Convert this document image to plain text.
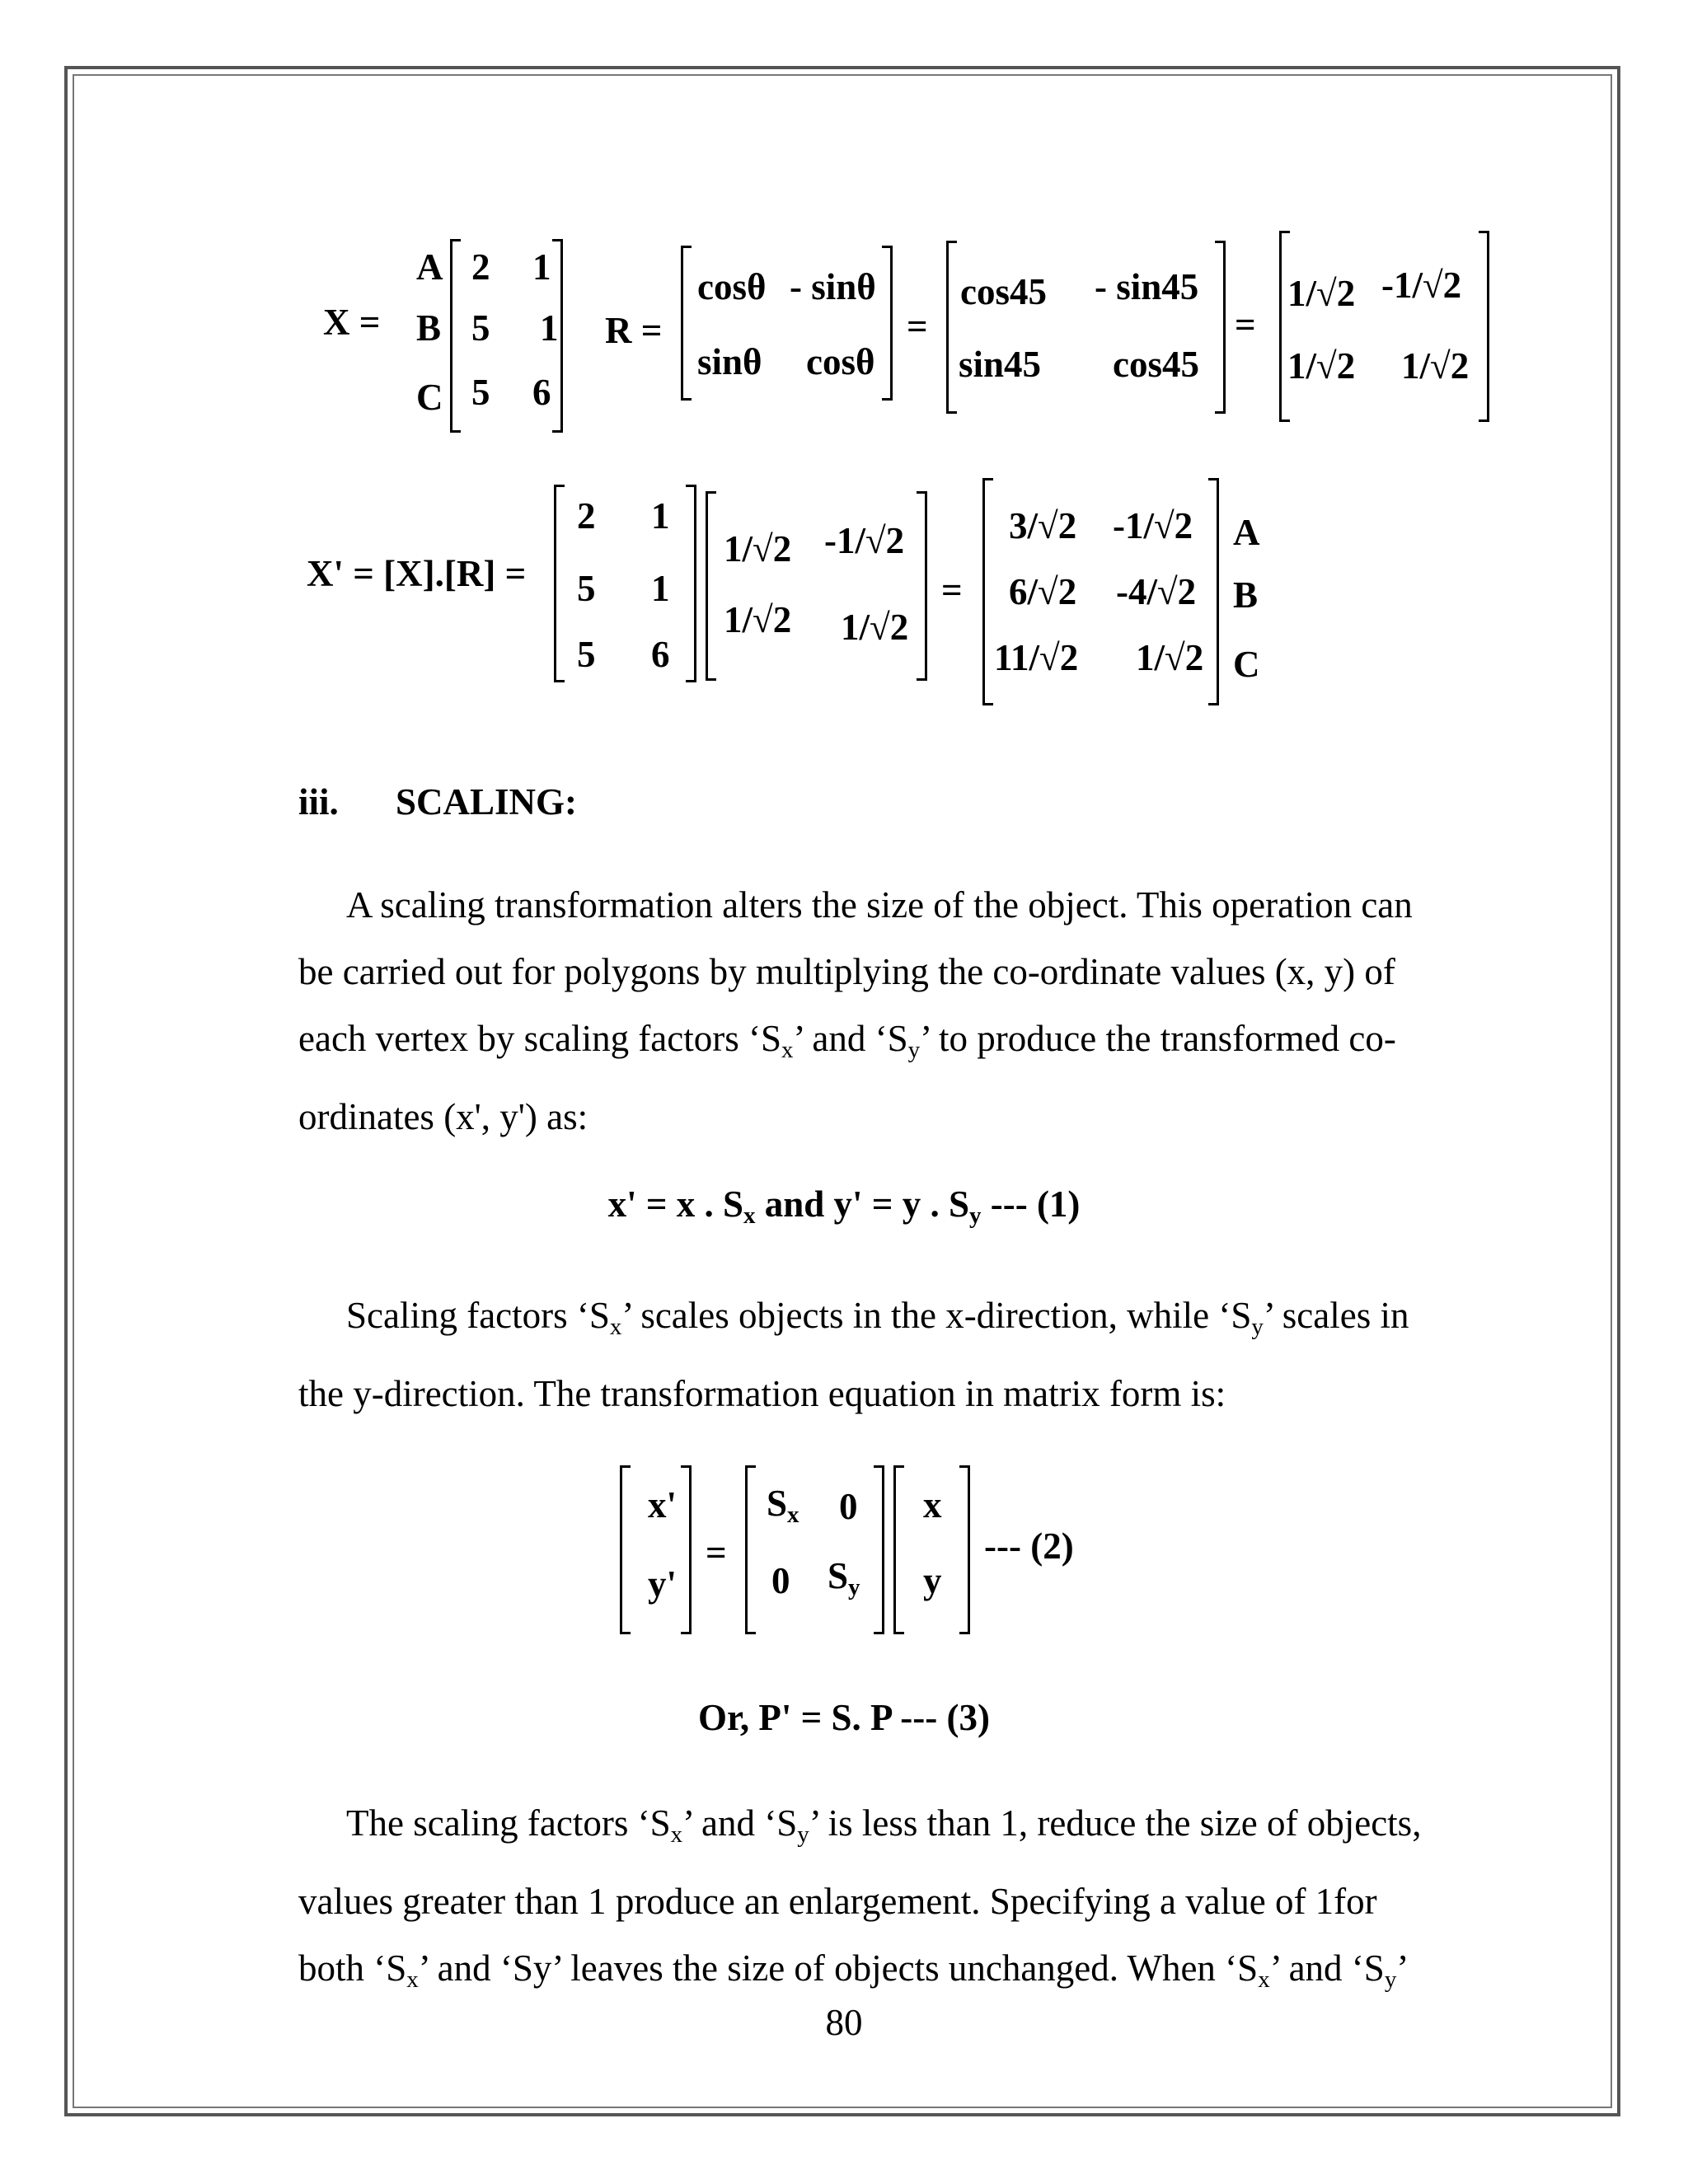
X =
A
B
C
2 1
5 1
5 6
R =
cosθ - sinθ
sinθ cosθ
=
cos45 - sin45
sin45 cos45
=
1/√2 -1/√2
1/√2 1/√2
X' = [X].[R] =
2 1
5 1
5 6
1/√2 -1/√2
1/√2 1/√2
=
3/√2 -1/√2
6/√2 -4/√2
11/√2 1/√2
A
B
C
iii. SCALING:
A scaling transformation alters the size of the object. This operation can
be carried out for polygons by multiplying the co-ordinate values (x, y) of
each vertex by scaling factors ‘$S_x$’ and ‘$S_y$’ to produce the transformed co-
ordinates (x', y') as:
x' = x . $S_x$ and y' = y . $S_y$ --- (1)
Scaling factors ‘$S_x$’ scales objects in the x-direction, while ‘$S_y$’ scales in
the y-direction. The transformation equation in matrix form is:
x'
y'
=
$S_x$ 0
0 $S_y$
x
y
--- (2)
Or, P' = S. P --- (3)
The scaling factors ‘$S_x$’ and ‘$S_y$’ is less than 1, reduce the size of objects,
values greater than 1 produce an enlargement. Specifying a value of 1for
both ‘$S_x$’ and ‘Sy’ leaves the size of objects unchanged. When ‘$S_x$’ and ‘$S_y$’
80
